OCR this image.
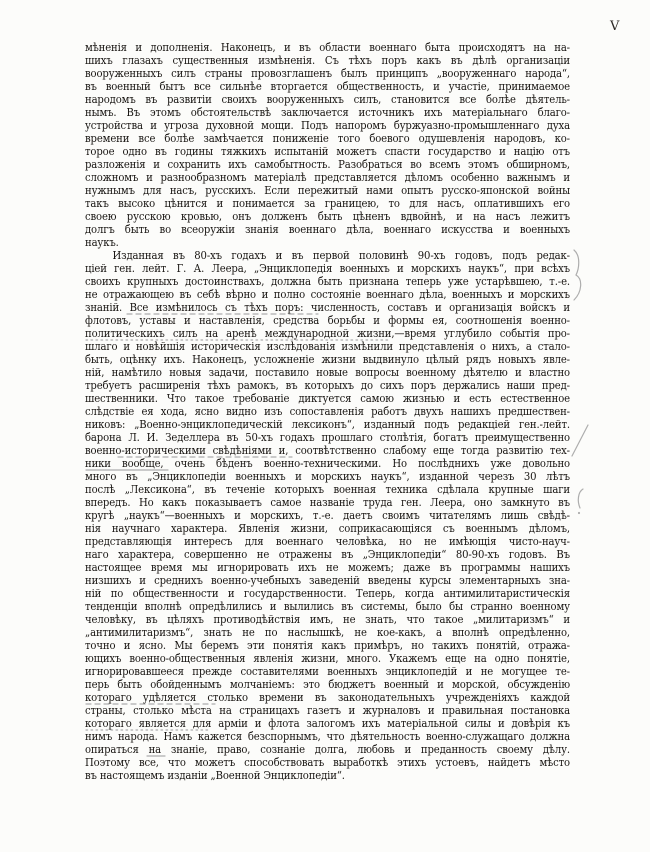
V
мѣненія и дополненія. Наконецъ, и въ области военнаго быта происходятъ на на-
шихъ глазахъ существенныя измѣненія. Съ тѣхъ поръ какъ въ дѣлѣ организаціи
вооруженныхъ силъ страны провозглашенъ былъ принципъ „вооруженнаго народа“,
въ военный бытъ все сильнѣе вторгается общественность, и участіе, принимаемое
народомъ въ развитіи своихъ вооруженныхъ силъ, становится все болѣе дѣятель-
нымъ. Въ этомъ обстоятельствѣ заключается источникъ ихъ матеріальнаго благо-
устройства и угроза духовной мощи. Подъ напоромъ буржуазно-промышленнаго духа
времени все болѣе замѣчается пониженіе того боевого одушевленія народовъ, ко-
торое одно въ годины тяжкихъ испытаній можетъ спасти государство и націю отъ
разложенія и сохранить ихъ самобытность. Разобраться во всемъ этомъ обширномъ,
сложномъ и разнообразномъ матеріалѣ представляется дѣломъ особенно важнымъ и
нужнымъ для насъ, русскихъ. Если пережитый нами опытъ русско-японской войны
такъ высоко цѣнится и понимается за границею, то для насъ, оплатившихъ его
своею русскою кровью, онъ долженъ быть цѣненъ вдвойнѣ, и на насъ лежитъ
долгъ быть во всеоружіи знанія военнаго дѣла, военнаго искусства и военныхъ
наукъ.
Изданная въ 80-хъ годахъ и въ первой половинѣ 90-хъ годовъ, подъ редак-
ціей ген. лейт. Г. А. Леера, „Энциклопедія военныхъ и морскихъ наукъ“, при всѣхъ
своихъ крупныхъ достоинствахъ, должна быть признана теперь уже устарѣвшею, т.-е.
не отражающею въ себѣ вѣрно и полно состояніе военнаго дѣла, военныхъ и морскихъ
знаній. Все измѣнилось съ тѣхъ поръ: численность, составъ и организація войскъ и
флотовъ, уставы и наставленія, средства борьбы и формы ея, соотношенія военно-
политическихъ силъ на аренѣ международной жизни,—время углубило событія про-
шлаго и новѣйшія историческія изслѣдованія измѣнили представленія о нихъ, а стало-
быть, оцѣнку ихъ. Наконецъ, усложненіе жизни выдвинуло цѣлый рядъ новыхъ явле-
ній, намѣтило новыя задачи, поставило новые вопросы военному дѣятелю и властно
требуетъ расширенія тѣхъ рамокъ, въ которыхъ до сихъ поръ держались наши пред-
шественники. Что такое требованіе диктуется самою жизнью и есть естественное
слѣдствіе ея хода, ясно видно изъ сопоставленія работъ двухъ нашихъ предшествен-
никовъ: „Военно-энциклопедическій лексиконъ“, изданный подъ редакціей ген.-лейт.
барона Л. И. Зеделлера въ 50-хъ годахъ прошлаго столѣтія, богатъ преимущественно
военно-историческими свѣдѣніями и, соотвѣтственно слабому еще тогда развитію тех-
ники вообще, очень бѣденъ военно-техническими. Но послѣднихъ уже довольно
много въ „Энциклопедіи военныхъ и морскихъ наукъ“, изданной черезъ 30 лѣтъ
послѣ „Лексикона“, въ теченіе которыхъ военная техника сдѣлала крупные шаги
впередъ. Но какъ показываетъ самое названіе труда ген. Леера, оно замкнуто въ
кругѣ „наукъ“—военныхъ и морскихъ, т.-е. даетъ своимъ читателямъ лишь свѣдѣ-
нія научнаго характера. Явленія жизни, соприкасающіяся съ военнымъ дѣломъ,
представляющія интересъ для военнаго человѣка, но не имѣющія чисто-науч-
наго характера, совершенно не отражены въ „Энциклопедіи“ 80-90-хъ годовъ. Въ
настоящее время мы игнорировать ихъ не можемъ; даже въ программы нашихъ
низшихъ и среднихъ военно-учебныхъ заведеній введены курсы элементарныхъ зна-
ній по общественности и государственности. Теперь, когда антимилитаристическія
тенденціи вполнѣ опредѣлились и вылились въ системы, было бы странно военному
человѣку, въ цѣляхъ противодѣйствія имъ, не знать, что такое „милитаризмъ“ и
„антимилитаризмъ“, знать не по наслышкѣ, не кое-какъ, а вполнѣ опредѣленно,
точно и ясно. Мы беремъ эти понятія какъ примѣръ, но такихъ понятій, отража-
ющихъ военно-общественныя явленія жизни, много. Укажемъ еще на одно понятіе,
игнорировавшееся прежде составителями военныхъ энциклопедій и не могущее те-
перь быть обойденнымъ молчаніемъ: это бюджетъ военный и морской, обсужденію
котораго удѣляется столько времени въ законодательныхъ учрежденіяхъ каждой
страны, столько мѣста на страницахъ газетъ и журналовъ и правильная постановка
котораго является для арміи и флота залогомъ ихъ матеріальной силы и довѣрія къ
нимъ народа. Намъ кажется безспорнымъ, что дѣятельность военно-служащаго должна
опираться на знаніе, право, сознаніе долга, любовь и преданность своему дѣлу.
Поэтому все, что можетъ способствовать выработкѣ этихъ устоевъ, найдетъ мѣсто
въ настоящемъ изданіи „Военной Энциклопедіи“.
